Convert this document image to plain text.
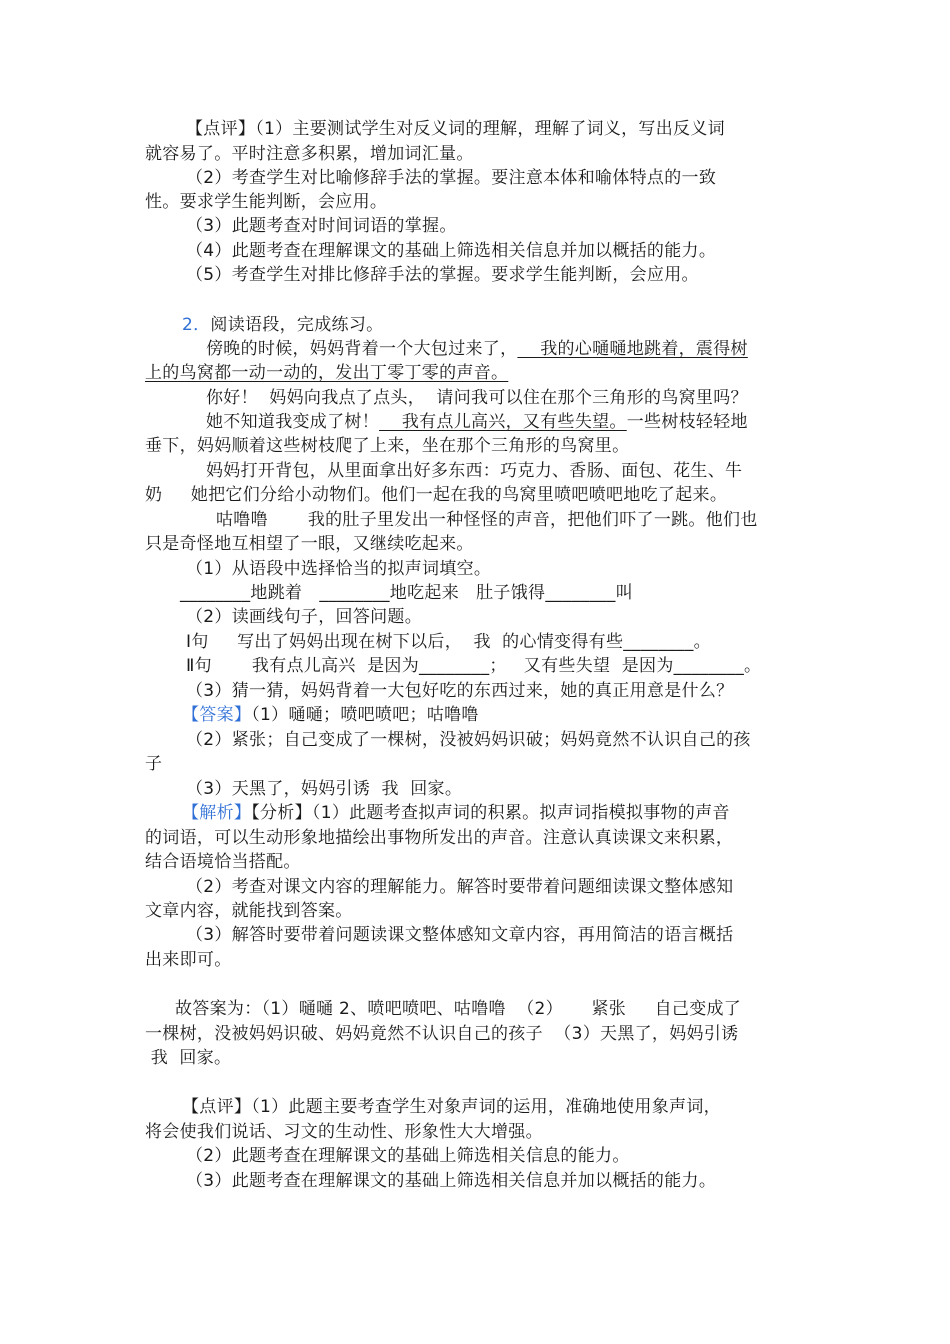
【点评】（1）主要测试学生对反义词的理解，理解了词义，写出反义词
就容易了。平时注意多积累，增加词汇量。
（2）考查学生对比喻修辞手法的掌握。要注意本体和喻体特点的一致
性。要求学生能判断，会应用。
（3）此题考查对时间词语的掌握。
（4）此题考查在理解课文的基础上筛选相关信息并加以概括的能力。
（5）考查学生对排比修辞手法的掌握。要求学生能判断，会应用。
2．阅读语段，完成练习。
傍晚的时候，妈妈背着一个大包过来了，    我的心嗵嗵地跳着，震得树
上的鸟窝都一动一动的，发出丁零丁零的声音。
你好！  妈妈向我点了点头，  请问我可以住在那个三角形的鸟窝里吗？
她不知道我变成了树！    我有点儿高兴，又有些失望。一些树枝轻轻地
垂下，妈妈顺着这些树枝爬了上来，坐在那个三角形的鸟窝里。
妈妈打开背包，从里面拿出好多东西：巧克力、香肠、面包、花生、牛
奶     她把它们分给小动物们。他们一起在我的鸟窝里喷吧喷吧地吃了起来。
咕噜噜       我的肚子里发出一种怪怪的声音，把他们吓了一跳。他们也
只是奇怪地互相望了一眼，又继续吃起来。
（1）从语段中选择恰当的拟声词填空。
________地跳着   ________地吃起来   肚子饿得________叫
（2）读画线句子，回答问题。
Ⅰ句     写出了妈妈出现在树下以后，  我  的心情变得有些________。
Ⅱ句       我有点儿高兴  是因为________；   又有些失望  是因为________。
（3）猜一猜，妈妈背着一大包好吃的东西过来，她的真正用意是什么？
【答案】（1）嗵嗵；喷吧喷吧；咕噜噜
（2）紧张；自己变成了一棵树，没被妈妈识破；妈妈竟然不认识自己的孩
子
（3）天黑了，妈妈引诱  我  回家。
【解析】【分析】（1）此题考查拟声词的积累。拟声词指模拟事物的声音
的词语，可以生动形象地描绘出事物所发出的声音。注意认真读课文来积累，
结合语境恰当搭配。
（2）考查对课文内容的理解能力。解答时要带着问题细读课文整体感知
文章内容，就能找到答案。
（3）解答时要带着问题读课文整体感知文章内容，再用简洁的语言概括
出来即可。
故答案为：（1）嗵嗵 2、喷吧喷吧、咕噜噜  （2）     紧张     自己变成了
一棵树，没被妈妈识破、妈妈竟然不认识自己的孩子  （3）天黑了，妈妈引诱
我  回家。
【点评】（1）此题主要考查学生对象声词的运用，准确地使用象声词，
将会使我们说话、习文的生动性、形象性大大增强。
（2）此题考查在理解课文的基础上筛选相关信息的能力。
（3）此题考查在理解课文的基础上筛选相关信息并加以概括的能力。
